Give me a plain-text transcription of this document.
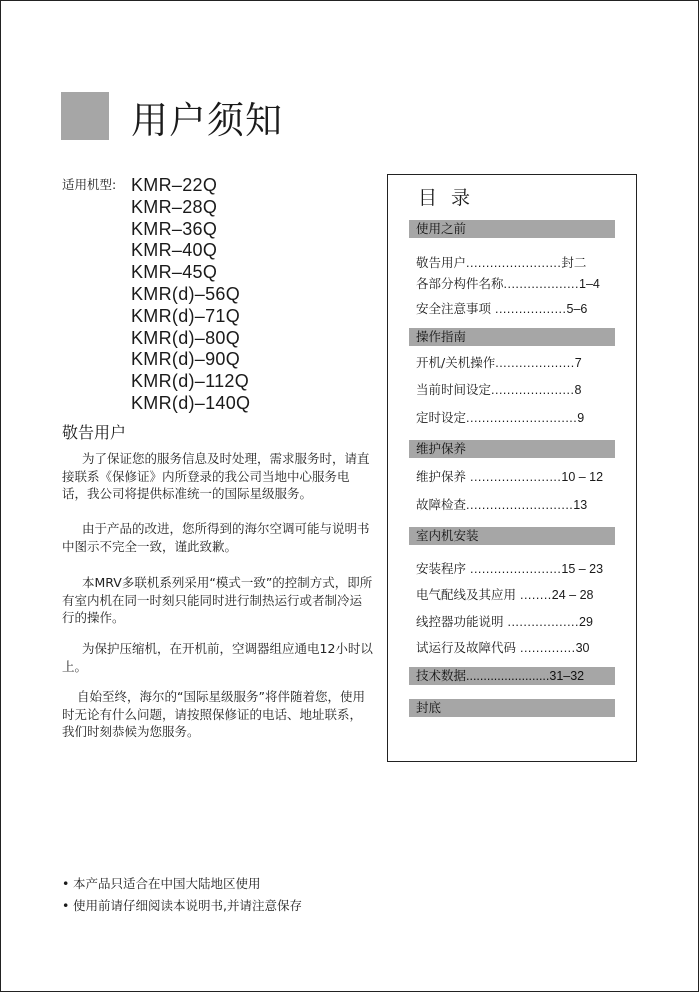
用户须知
适用机型: KMR–22Q
KMR–28Q
KMR–36Q
KMR–40Q
KMR–45Q
KMR(d)–56Q
KMR(d)–71Q
KMR(d)–80Q
KMR(d)–90Q
KMR(d)–112Q
KMR(d)–140Q
敬告用户

为了保证您的服务信息及时处理，需求服务时，请直接联系《保修证》内所登录的我公司当地中心服务电话，我公司将提供标准统一的国际星级服务。

由于产品的改进，您所得到的海尔空调可能与说明书中图示不完全一致，谨此致歉。

本MRV多联机系列采用“模式一致”的控制方式，即所有室内机在同一时刻只能同时进行制热运行或者制冷运行的操作。

为保护压缩机，在开机前，空调器组应通电12小时以上。

自始至终，海尔的“国际星级服务”将伴随着您，使用时无论有什么问题，请按照保修证的电话、地址联系，我们时刻恭候为您服务。

目录
使用之前
敬告用户........................封二
各部分构件名称...................1–4
安全注意事项 ..................5–6
操作指南
开机/关机操作....................7
当前时间设定.....................8
定时设定............................9
维护保养
维护保养 .......................10 – 12
故障检查...........................13
室内机安装
安装程序 .......................15 – 23
电气配线及其应用 ........24 – 28
线控器功能说明 ..................29
试运行及故障代码 ..............30
技术数据........................31–32
封底
• 本产品只适合在中国大陆地区使用
• 使用前请仔细阅读本说明书,并请注意保存
